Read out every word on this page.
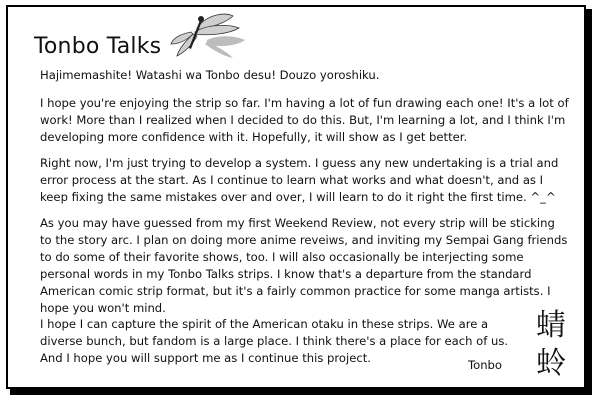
Tonbo Talks

Hajimemashite! Watashi wa Tonbo desu! Douzo yoroshiku.

I hope you're enjoying the strip so far. I'm having a lot of fun drawing each one! It's a lot of work! More than I realized when I decided to do this. But, I'm learning a lot, and I think I'm developing more confidence with it. Hopefully, it will show as I get better.

Right now, I'm just trying to develop a system. I guess any new undertaking is a trial and error process at the start. As I continue to learn what works and what doesn't, and as I keep fixing the same mistakes over and over, I will learn to do it right the first time. ^_^

As you may have guessed from my first Weekend Review, not every strip will be sticking to the story arc. I plan on doing more anime reveiws, and inviting my Sempai Gang friends to do some of their favorite shows, too. I will also occasionally be interjecting some personal words in my Tonbo Talks strips. I know that's a departure from the standard American comic strip format, but it's a fairly common practice for some manga artists. I hope you won't mind.

I hope I can capture the spirit of the American otaku in these strips. We are a diverse bunch, but fandom is a large place. I think there's a place for each of us. And I hope you will support me as I continue this project.	Tonbo
蜻
蛉
